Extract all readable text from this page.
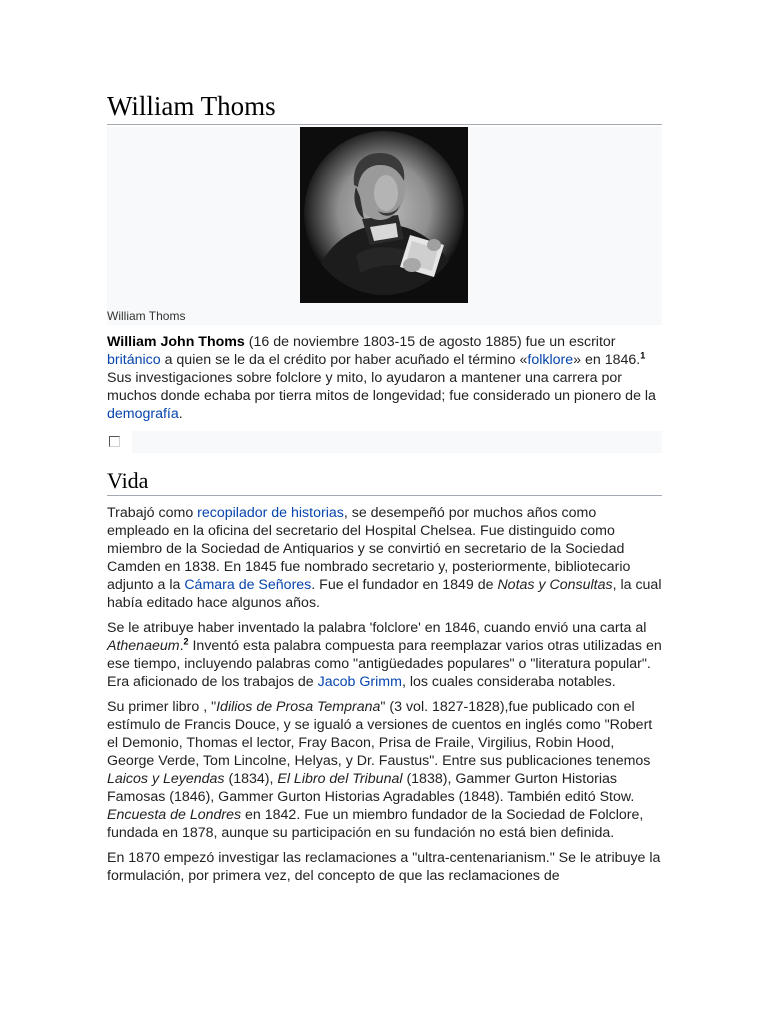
William Thoms
William Thoms

William John Thoms (16 de noviembre 1803-15 de agosto 1885) fue un escritor británico a quien se le da el crédito por haber acuñado el término «folklore» en 1846.$^1$ Sus investigaciones sobre folclore y mito, lo ayudaron a mantener una carrera por muchos donde echaba por tierra mitos de longevidad; fue considerado un pionero de la demografía.

Vida

Trabajó como recopilador de historias, se desempeñó por muchos años como empleado en la oficina del secretario del Hospital Chelsea. Fue distinguido como miembro de la Sociedad de Antiquarios y se convirtió en secretario de la Sociedad Camden en 1838. En 1845 fue nombrado secretario y, posteriormente, bibliotecario adjunto a la Cámara de Señores. Fue el fundador en 1849 de Notas y Consultas, la cual había editado hace algunos años.

Se le atribuye haber inventado la palabra 'folclore' en 1846, cuando envió una carta al Athenaeum.$^2$ Inventó esta palabra compuesta para reemplazar varios otras utilizadas en ese tiempo, incluyendo palabras como "antigüedades populares" o "literatura popular". Era aficionado de los trabajos de Jacob Grimm, los cuales consideraba notables.

Su primer libro , "Idilios de Prosa Temprana" (3 vol. 1827-1828),fue publicado con el estímulo de Francis Douce, y se igualó a versiones de cuentos en inglés como "Robert el Demonio, Thomas el lector, Fray Bacon, Prisa de Fraile, Virgilius, Robin Hood, George Verde, Tom Lincolne, Helyas, y Dr. Faustus". Entre sus publicaciones tenemos Laicos y Leyendas (1834), El Libro del Tribunal (1838), Gammer Gurton Historias Famosas (1846), Gammer Gurton Historias Agradables (1848). También editó Stow. Encuesta de Londres en 1842. Fue un miembro fundador de la Sociedad de Folclore, fundada en 1878, aunque su participación en su fundación no está bien definida.

En 1870 empezó investigar las reclamaciones a "ultra-centenarianism." Se le atribuye la formulación, por primera vez, del concepto de que las reclamaciones de
